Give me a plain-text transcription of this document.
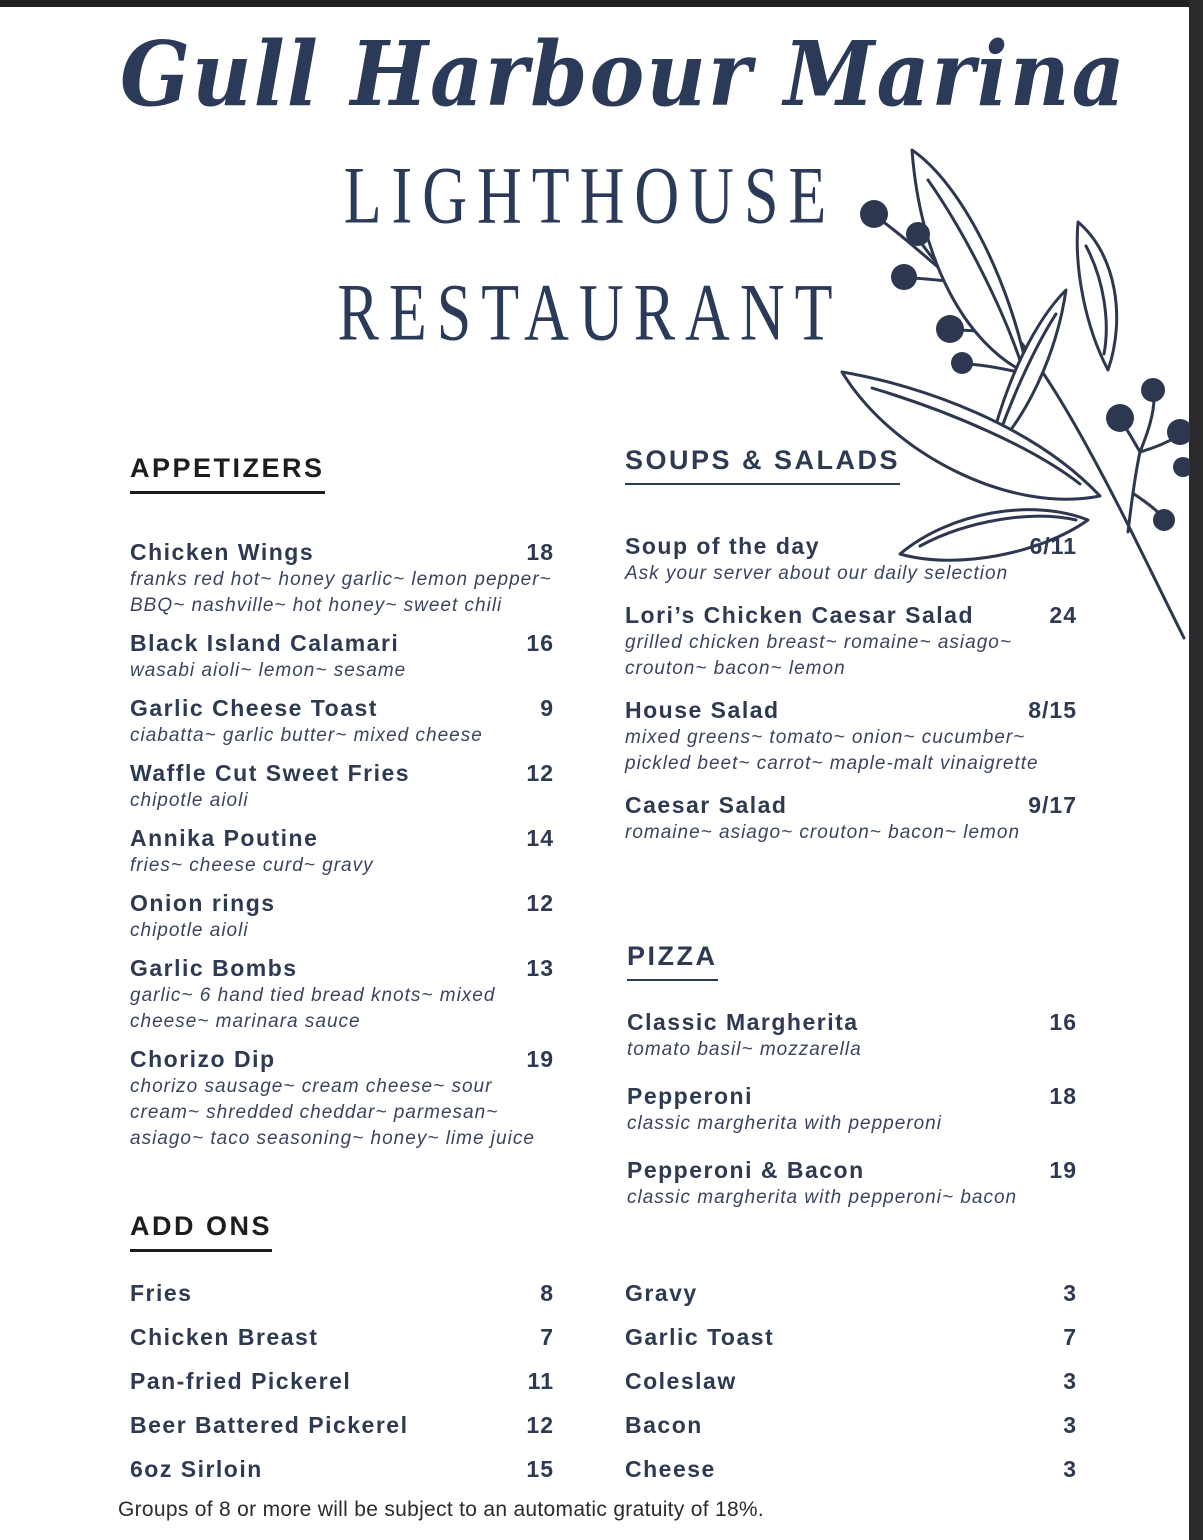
Gull Harbour Marina
LIGHTHOUSE
RESTAURANT
APPETIZERS
Chicken Wings	18
franks red hot~ honey garlic~ lemon pepper~ BBQ~ nashville~ hot honey~ sweet chili
Black Island Calamari	16
wasabi aioli~ lemon~ sesame
Garlic Cheese Toast	9
ciabatta~ garlic butter~ mixed cheese
Waffle Cut Sweet Fries	12
chipotle aioli
Annika Poutine	14
fries~ cheese curd~ gravy
Onion rings	12
chipotle aioli
Garlic Bombs	13
garlic~ 6 hand tied bread knots~ mixed cheese~ marinara sauce
Chorizo Dip	19
chorizo sausage~ cream cheese~ sour cream~ shredded cheddar~ parmesan~ asiago~ taco seasoning~ honey~ lime juice
SOUPS & SALADS
Soup of the day	6/11
Ask your server about our daily selection
Lori’s Chicken Caesar Salad	24
grilled chicken breast~ romaine~ asiago~ crouton~ bacon~ lemon
House Salad	8/15
mixed greens~ tomato~ onion~ cucumber~ pickled beet~ carrot~ maple-malt vinaigrette
Caesar Salad	9/17
romaine~ asiago~ crouton~ bacon~ lemon
PIZZA
Classic Margherita	16
tomato basil~ mozzarella
Pepperoni	18
classic margherita with pepperoni
Pepperoni & Bacon	19
classic margherita with pepperoni~ bacon
ADD ONS
Fries	8
Chicken Breast	7
Pan-fried Pickerel	11
Beer Battered Pickerel	12
6oz Sirloin	15
Gravy	3
Garlic Toast	7
Coleslaw	3
Bacon	3
Cheese	3
Groups of 8 or more will be subject to an automatic gratuity of 18%.
